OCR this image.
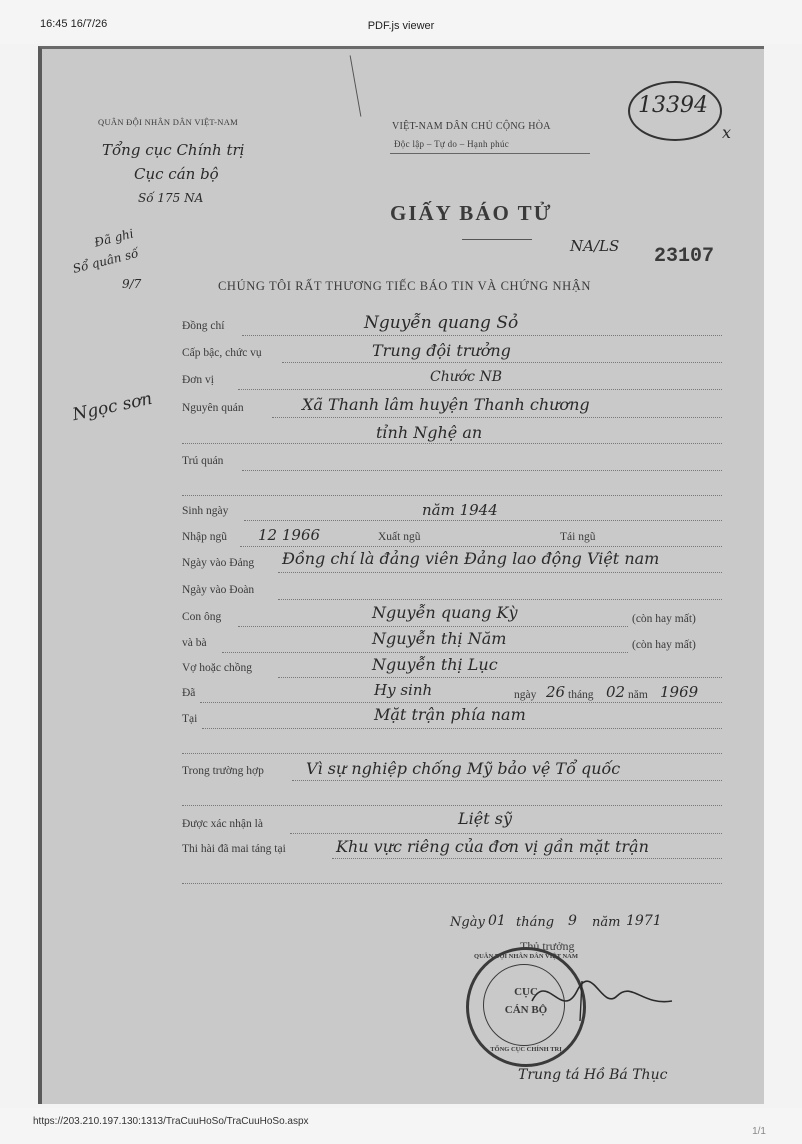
16:45 16/7/26	PDF.js viewer
QUÂN ĐỘI NHÂN DÂN VIỆT-NAM
Tổng cục Chính trị
Cục cán bộ
Số 175 NA
Đã ghi
Sổ quân số
9/7
Ngọc sơn
VIỆT-NAM DÂN CHỦ CỘNG HÒA
Độc lập – Tự do – Hạnh phúc
13394
x
GIẤY BÁO TỬ
NA/LS 23107
CHÚNG TÔI RẤT THƯƠNG TIẾC BÁO TIN VÀ CHỨNG NHẬN
Đồng chí	Nguyễn quang Sỏ
Cấp bậc, chức vụ	Trung đội trưởng
Đơn vị	Chước NB
Nguyên quán	Xã Thanh lâm huyện Thanh chương
tỉnh Nghệ an
Trú quán
Sinh ngày	năm 1944
Nhập ngũ 12 1966	Xuất ngũ	Tái ngũ
Ngày vào Đảng Đồng chí là đảng viên Đảng lao động Việt nam
Ngày vào Đoàn
Con ông	Nguyễn quang Kỳ	(còn hay mất)
và bà	Nguyễn thị Năm	(còn hay mất)
Vợ hoặc chồng	Nguyễn thị Lục
Đã	Hy sinh	ngày 26 tháng 02 năm 1969
Tại	Mặt trận phía nam
Trong trường hợp	Vì sự nghiệp chống Mỹ bảo vệ Tổ quốc
Được xác nhận là	Liệt sỹ
Thi hài đã mai táng tại	Khu vực riêng của đơn vị gần mặt trận
Ngày 01 tháng 9 năm 1971
Thủ trưởng
QUÂN ĐỘI NHÂN DÂN VIỆT NAM
CỤC
CÁN BỘ
TỔNG CỤC CHÍNH TRỊ
Trung tá Hồ Bá Thục
https://203.210.197.130:1313/TraCuuHoSo/TraCuuHoSo.aspx
1/1
